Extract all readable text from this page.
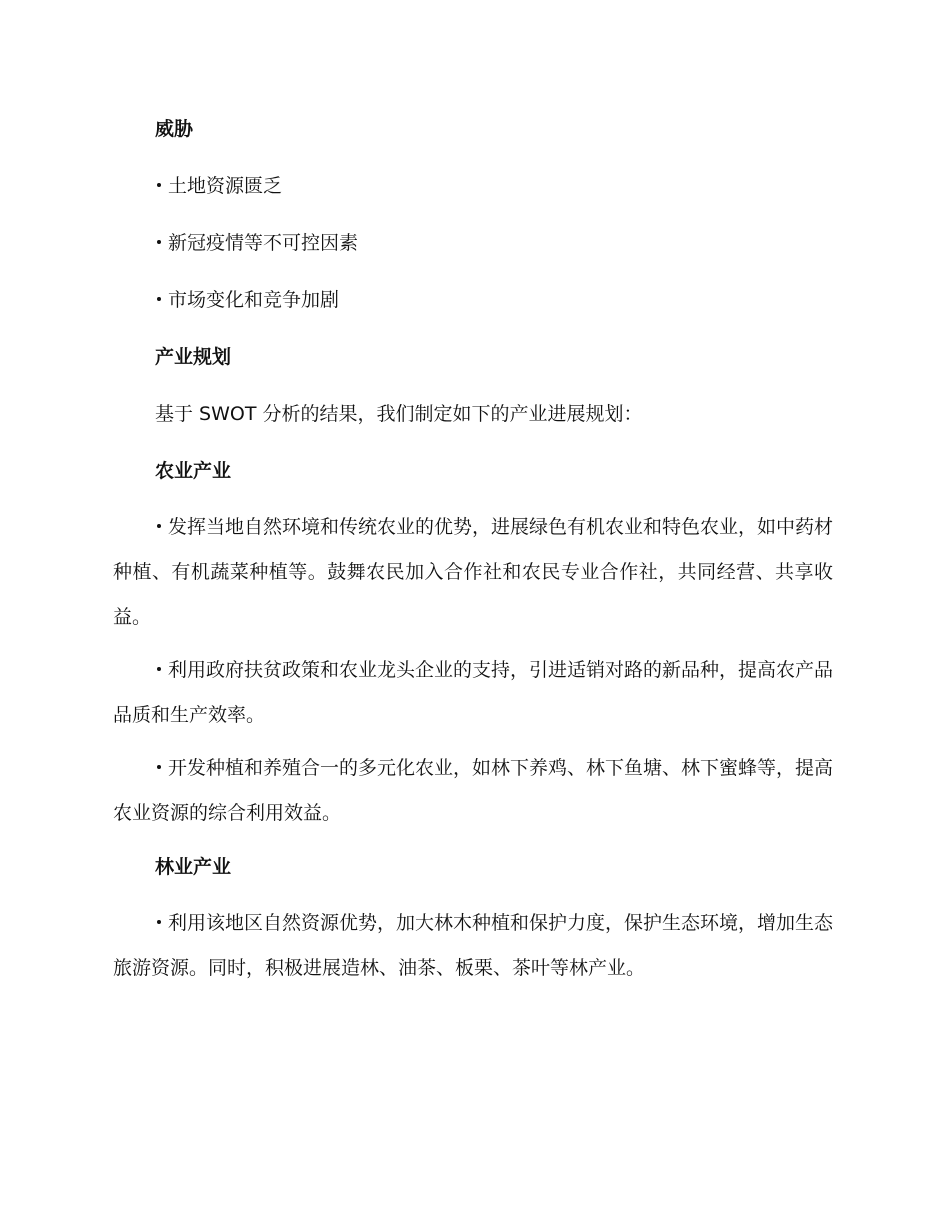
威胁
土地资源匮乏
新冠疫情等不可控因素
市场变化和竞争加剧
产业规划
基于 SWOT 分析的结果，我们制定如下的产业进展规划：
农业产业

发挥当地自然环境和传统农业的优势，进展绿色有机农业和特色农业，如中药材种植、有机蔬菜种植等。鼓舞农民加入合作社和农民专业合作社，共同经营、共享收益。

利用政府扶贫政策和农业龙头企业的支持，引进适销对路的新品种，提高农产品品质和生产效率。

开发种植和养殖合一的多元化农业，如林下养鸡、林下鱼塘、林下蜜蜂等，提高农业资源的综合利用效益。

林业产业

利用该地区自然资源优势，加大林木种植和保护力度，保护生态环境，增加生态旅游资源。同时，积极进展造林、油茶、板栗、茶叶等林产业。
